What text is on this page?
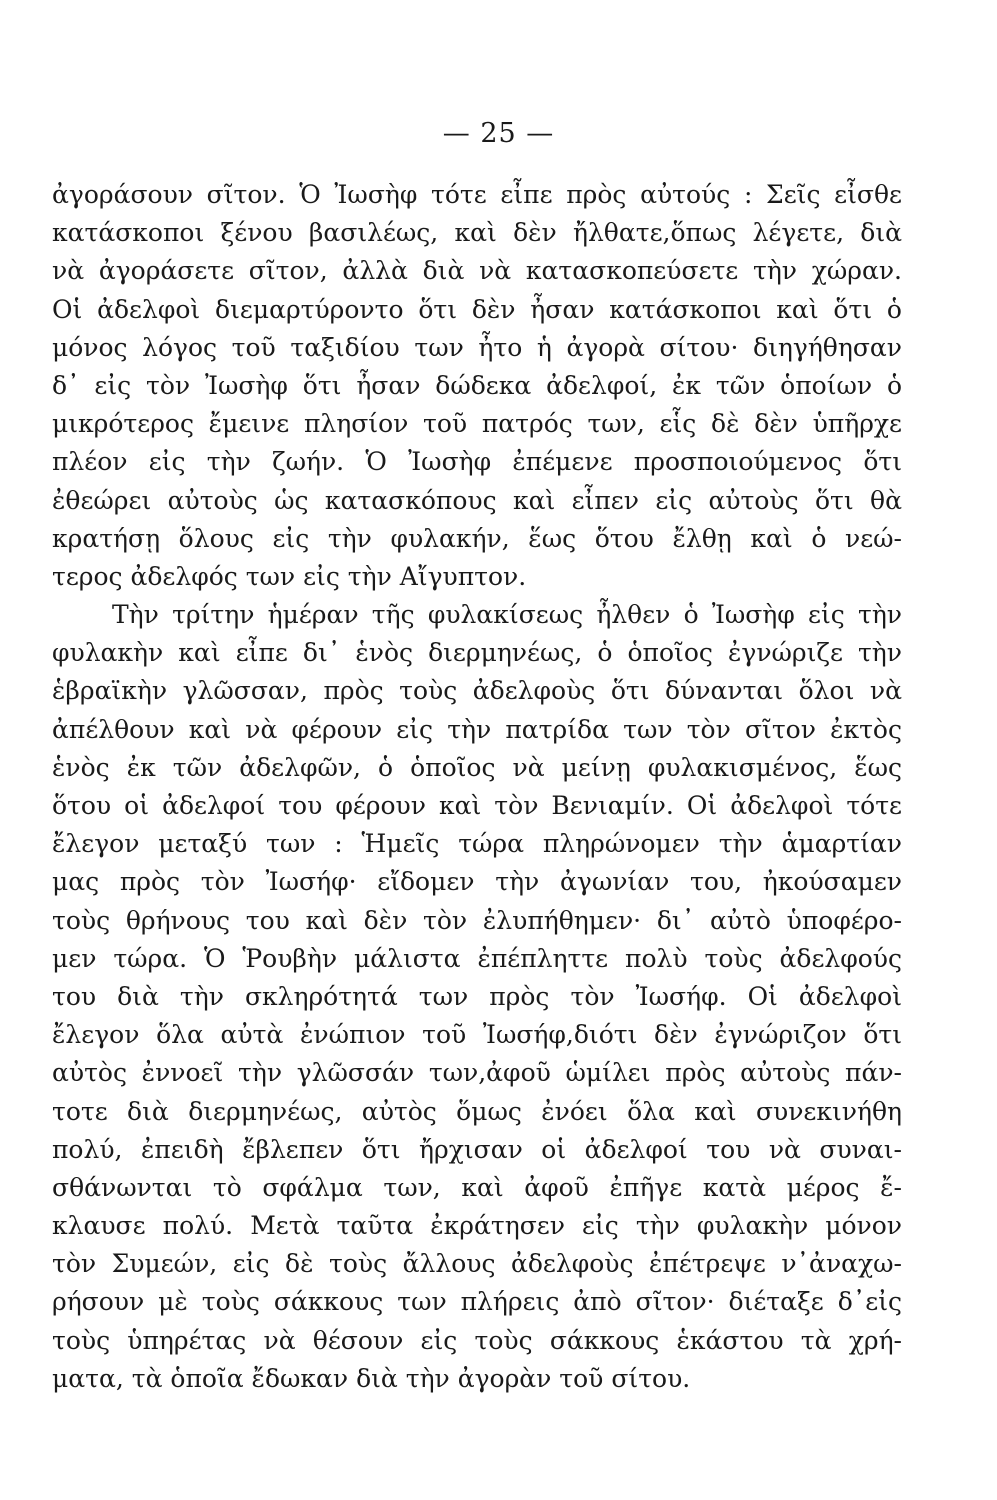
— 25 —
ἀγοράσουν σῖτον. Ὁ Ἰωσὴφ τότε εἶπε πρὸς αὐτούς : Σεῖς εἶσθε
κατάσκοποι ξένου βασιλέως, καὶ δὲν ἤλθατε,ὅπως λέγετε, διὰ
νὰ ἀγοράσετε σῖτον, ἀλλὰ διὰ νὰ κατασκοπεύσετε τὴν χώραν.
Οἱ ἀδελφοὶ διεμαρτύροντο ὅτι δὲν ἦσαν κατάσκοποι καὶ ὅτι ὁ
μόνος λόγος τοῦ ταξιδίου των ἦτο ἡ ἀγορὰ σίτου· διηγήθησαν
δ᾽ εἰς τὸν Ἰωσὴφ ὅτι ἦσαν δώδεκα ἀδελφοί, ἐκ τῶν ὁποίων ὁ
μικρότερος ἔμεινε πλησίον τοῦ πατρός των, εἷς δὲ δὲν ὑπῆρχε
πλέον εἰς τὴν ζωήν. Ὁ Ἰωσὴφ ἐπέμενε προσποιούμενος ὅτι
ἐθεώρει αὐτοὺς ὡς κατασκόπους καὶ εἶπεν εἰς αὐτοὺς ὅτι θὰ
κρατήσῃ ὅλους εἰς τὴν φυλακήν, ἕως ὅτου ἔλθῃ καὶ ὁ νεώ-
τερος ἀδελφός των εἰς τὴν Αἴγυπτον.
Τὴν τρίτην ἡμέραν τῆς φυλακίσεως ἦλθεν ὁ Ἰωσὴφ εἰς τὴν
φυλακὴν καὶ εἶπε δι᾽ ἑνὸς διερμηνέως, ὁ ὁποῖος ἐγνώριζε τὴν
ἑβραϊκὴν γλῶσσαν, πρὸς τοὺς ἀδελφοὺς ὅτι δύνανται ὅλοι νὰ
ἀπέλθουν καὶ νὰ φέρουν εἰς τὴν πατρίδα των τὸν σῖτον ἐκτὸς
ἑνὸς ἐκ τῶν ἀδελφῶν, ὁ ὁποῖος νὰ μείνῃ φυλακισμένος, ἕως
ὅτου οἱ ἀδελφοί του φέρουν καὶ τὸν Βενιαμίν. Οἱ ἀδελφοὶ τότε
ἔλεγον μεταξύ των : Ἡμεῖς τώρα πληρώνομεν τὴν ἁμαρτίαν
μας πρὸς τὸν Ἰωσήφ· εἴδομεν τὴν ἀγωνίαν του, ἠκούσαμεν
τοὺς θρήνους του καὶ δὲν τὸν ἐλυπήθημεν· δι᾽ αὐτὸ ὑποφέρο-
μεν τώρα. Ὁ Ῥουβὴν μάλιστα ἐπέπληττε πολὺ τοὺς ἀδελφούς
του διὰ τὴν σκληρότητά των πρὸς τὸν Ἰωσήφ. Οἱ ἀδελφοὶ
ἔλεγον ὅλα αὐτὰ ἐνώπιον τοῦ Ἰωσήφ,διότι δὲν ἐγνώριζον ὅτι
αὐτὸς ἐννοεῖ τὴν γλῶσσάν των,ἀφοῦ ὡμίλει πρὸς αὐτοὺς πάν-
τοτε διὰ διερμηνέως, αὐτὸς ὅμως ἐνόει ὅλα καὶ συνεκινήθη
πολύ, ἐπειδὴ ἔβλεπεν ὅτι ἤρχισαν οἱ ἀδελφοί του νὰ συναι-
σθάνωνται τὸ σφάλμα των, καὶ ἀφοῦ ἐπῆγε κατὰ μέρος ἔ-
κλαυσε πολύ. Μετὰ ταῦτα ἐκράτησεν εἰς τὴν φυλακὴν μόνον
τὸν Συμεών, εἰς δὲ τοὺς ἄλλους ἀδελφοὺς ἐπέτρεψε ν᾽ἀναχω-
ρήσουν μὲ τοὺς σάκκους των πλήρεις ἀπὸ σῖτον· διέταξε δ᾽εἰς
τοὺς ὑπηρέτας νὰ θέσουν εἰς τοὺς σάκκους ἑκάστου τὰ χρή-
ματα, τὰ ὁποῖα ἔδωκαν διὰ τὴν ἀγορὰν τοῦ σίτου.
